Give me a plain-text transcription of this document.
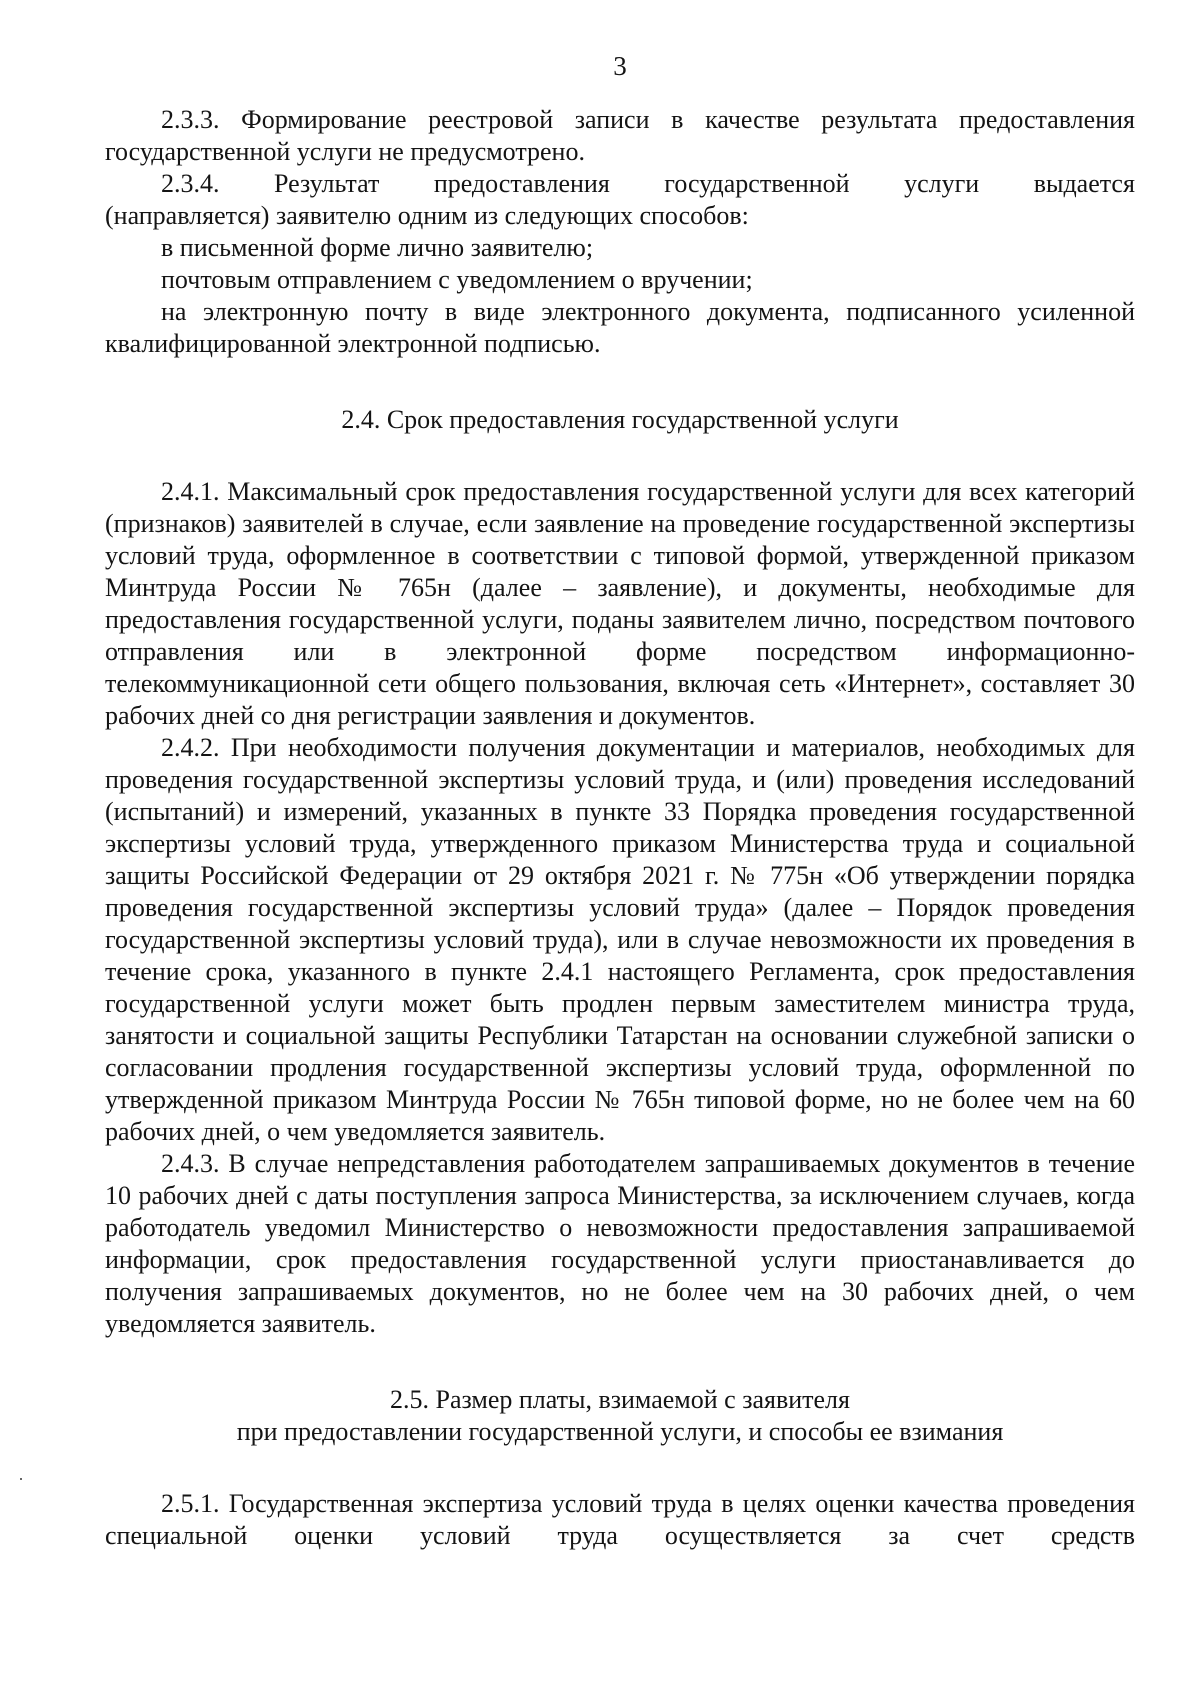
3

2.3.3. Формирование реестровой записи в качестве результата предоставления государственной услуги не предусмотрено.

2.3.4. Результат предоставления государственной услуги выдается

(направляется) заявителю одним из следующих способов:

в письменной форме лично заявителю;

почтовым отправлением с уведомлением о вручении;

на электронную почту в виде электронного документа, подписанного усиленной квалифицированной электронной подписью.

2.4. Срок предоставления государственной услуги

2.4.1. Максимальный срок предоставления государственной услуги для всех категорий (признаков) заявителей в случае, если заявление на проведение государственной экспертизы условий труда, оформленное в соответствии с типовой формой, утвержденной приказом Минтруда России № 765н (далее – заявление), и документы, необходимые для предоставления государственной услуги, поданы заявителем лично, посредством почтового отправления или в электронной форме посредством информационно-телекоммуникационной сети общего пользования, включая сеть «Интернет», составляет 30 рабочих дней со дня регистрации заявления и документов.

2.4.2. При необходимости получения документации и материалов, необходимых для проведения государственной экспертизы условий труда, и (или) проведения исследований (испытаний) и измерений, указанных в пункте 33 Порядка проведения государственной экспертизы условий труда, утвержденного приказом Министерства труда и социальной защиты Российской Федерации от 29 октября 2021 г. № 775н «Об утверждении порядка проведения государственной экспертизы условий труда» (далее – Порядок проведения государственной экспертизы условий труда), или в случае невозможности их проведения в течение срока, указанного в пункте 2.4.1 настоящего Регламента, срок предоставления государственной услуги может быть продлен первым заместителем министра труда, занятости и социальной защиты Республики Татарстан на основании служебной записки о согласовании продления государственной экспертизы условий труда, оформленной по утвержденной приказом Минтруда России № 765н типовой форме, но не более чем на 60 рабочих дней, о чем уведомляется заявитель.

2.4.3. В случае непредставления работодателем запрашиваемых документов в течение 10 рабочих дней с даты поступления запроса Министерства, за исключением случаев, когда работодатель уведомил Министерство о невозможности предоставления запрашиваемой информации, срок предоставления государственной услуги приостанавливается до получения запрашиваемых документов, но не более чем на 30 рабочих дней, о чем уведомляется заявитель.

2.5. Размер платы, взимаемой с заявителя

при предоставлении государственной услуги, и способы ее взимания

2.5.1. Государственная экспертиза условий труда в целях оценки качества проведения специальной оценки условий труда осуществляется за счет средств
